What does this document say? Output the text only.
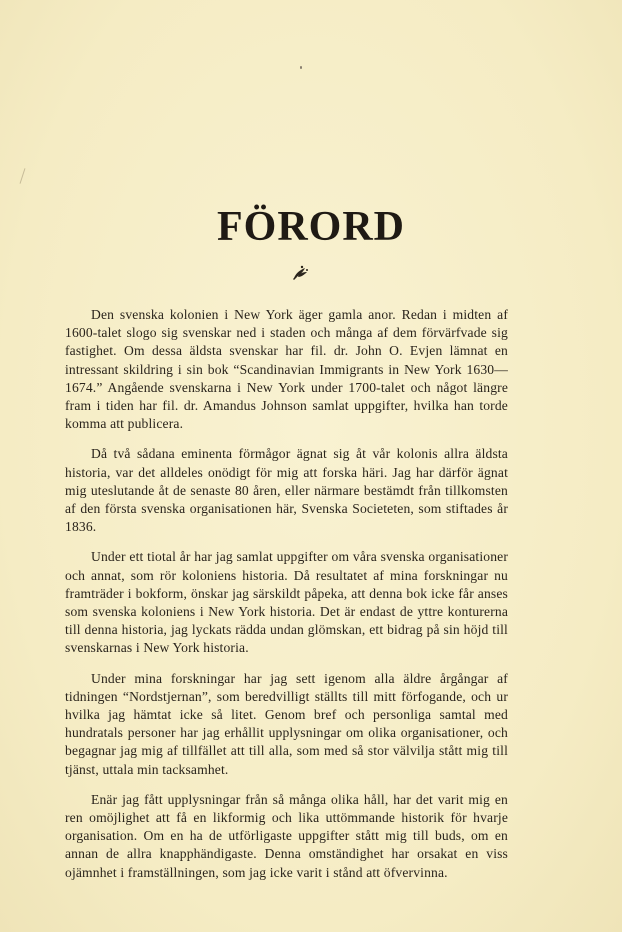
FÖRORD

Den svenska kolonien i New York äger gamla anor. Redan i midten af 1600-talet slogo sig svenskar ned i staden och många af dem förvärfvade sig fastighet. Om dessa äldsta svenskar har fil. dr. John O. Evjen lämnat en intressant skildring i sin bok “Scandinavian Immigrants in New York 1630—1674.” Angående svenskarna i New York under 1700-talet och något längre fram i tiden har fil. dr. Amandus Johnson samlat uppgifter, hvilka han torde komma att publicera.

Då två sådana eminenta förmågor ägnat sig åt vår kolonis allra äldsta historia, var det alldeles onödigt för mig att forska häri. Jag har därför ägnat mig uteslutande åt de senaste 80 åren, eller närmare bestämdt från tillkomsten af den första svenska organisationen här, Svenska Societeten, som stiftades år 1836.

Under ett tiotal år har jag samlat uppgifter om våra svenska organisationer och annat, som rör koloniens historia. Då resultatet af mina forskningar nu framträder i bokform, önskar jag särskildt påpeka, att denna bok icke får anses som svenska koloniens i New York historia. Det är endast de yttre konturerna till denna historia, jag lyckats rädda undan glömskan, ett bidrag på sin höjd till svenskarnas i New York historia.

Under mina forskningar har jag sett igenom alla äldre årgångar af tidningen “Nordstjernan”, som beredvilligt ställts till mitt förfogande, och ur hvilka jag hämtat icke så litet. Genom bref och personliga samtal med hundratals personer har jag erhållit upplysningar om olika organisationer, och begagnar jag mig af tillfället att till alla, som med så stor välvilja stått mig till tjänst, uttala min tacksamhet.

Enär jag fått upplysningar från så många olika håll, har det varit mig en ren omöjlighet att få en likformig och lika uttömmande historik för hvarje organisation. Om en ha de utförligaste uppgifter stått mig till buds, om en annan de allra knapphändigaste. Denna omständighet har orsakat en viss ojämnhet i framställningen, som jag icke varit i stånd att öfvervinna.
